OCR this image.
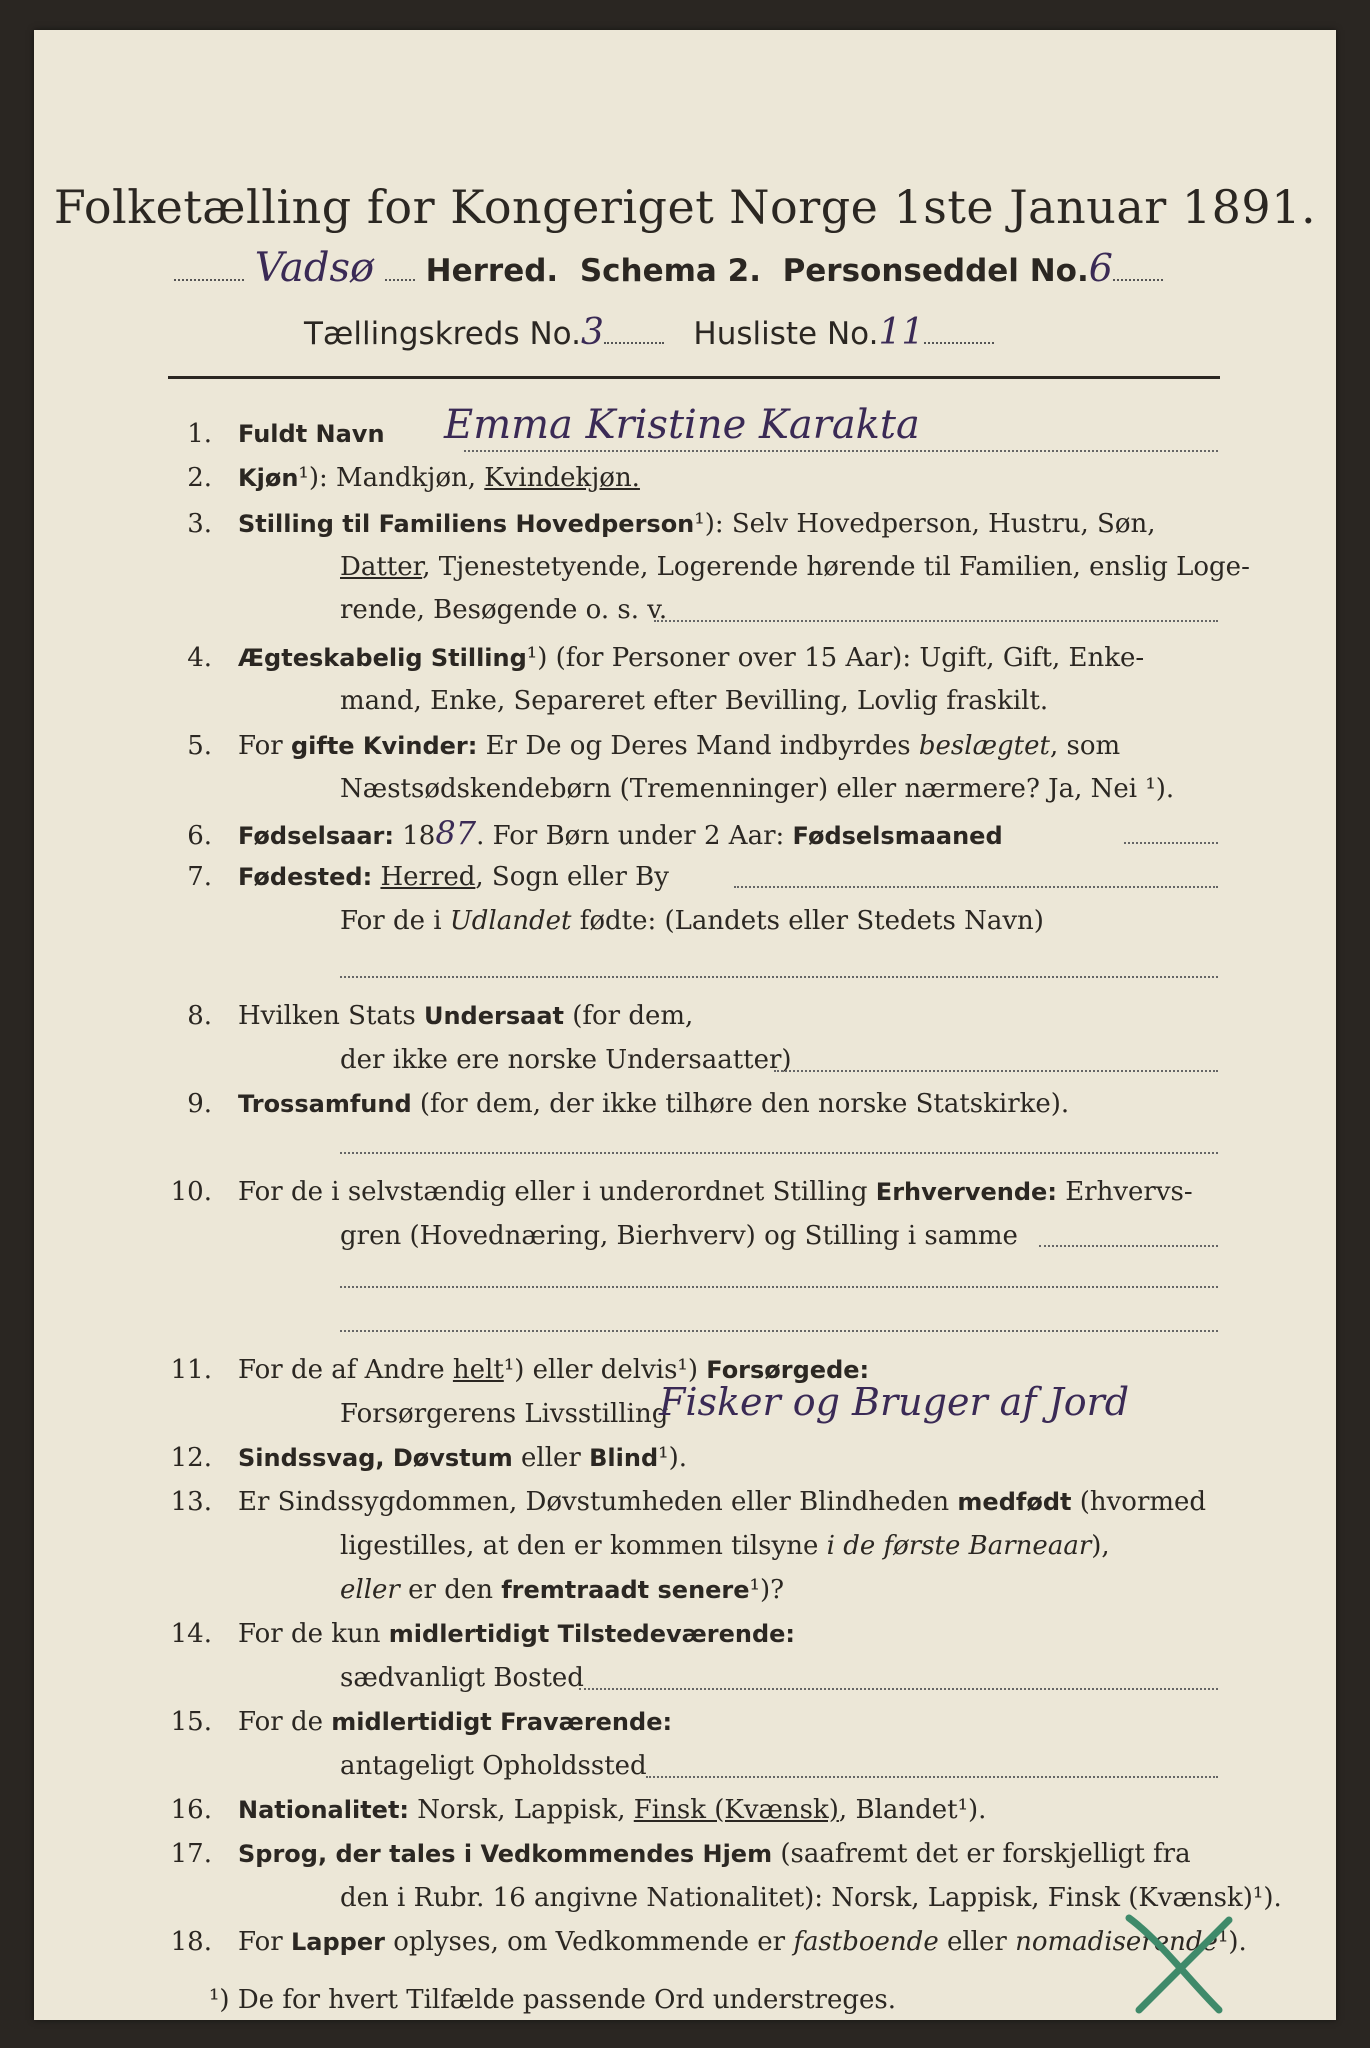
Folketælling for Kongeriget Norge 1ste Januar 1891.
Vadsø Herred. Schema 2. Personseddel No.6
Tællingskreds No.3	Husliste No.11
1. Fuldt Navn	Emma Kristine Karakta
2. Kjøn¹): Mandkjøn, Kvindekjøn.
3. Stilling til Familiens Hovedperson¹): Selv Hovedperson, Hustru, Søn,
Datter, Tjenestetyende, Logerende hørende til Familien, enslig Loge-
rende, Besøgende o. s. v.
4. Ægteskabelig Stilling¹) (for Personer over 15 Aar): Ugift, Gift, Enke-
mand, Enke, Separeret efter Bevilling, Lovlig fraskilt.
5. For gifte Kvinder: Er De og Deres Mand indbyrdes beslægtet, som
Næstsødskendebørn (Tremenninger) eller nærmere? Ja, Nei ¹).
6. Fødselsaar: 1887. For Børn under 2 Aar: Fødselsmaaned
7. Fødested: Herred, Sogn eller By
For de i Udlandet fødte: (Landets eller Stedets Navn)
8. Hvilken Stats Undersaat (for dem,
der ikke ere norske Undersaatter)
9. Trossamfund (for dem, der ikke tilhøre den norske Statskirke).
10. For de i selvstændig eller i underordnet Stilling Erhvervende: Erhvervs-
gren (Hovednæring, Bierhverv) og Stilling i samme
11. For de af Andre helt¹) eller delvis¹) Forsørgede:
Forsørgerens Livsstilling
Fisker og Bruger af Jord
12. Sindssvag, Døvstum eller Blind¹).
13. Er Sindssygdommen, Døvstumheden eller Blindheden medfødt (hvormed
ligestilles, at den er kommen tilsyne i de første Barneaar),
eller er den fremtraadt senere¹)?
14. For de kun midlertidigt Tilstedeværende:
sædvanligt Bosted
15. For de midlertidigt Fraværende:
antageligt Opholdssted
16. Nationalitet: Norsk, Lappisk, Finsk (Kvænsk), Blandet¹).
17. Sprog, der tales i Vedkommendes Hjem (saafremt det er forskjelligt fra
den i Rubr. 16 angivne Nationalitet): Norsk, Lappisk, Finsk (Kvænsk)¹).
18. For Lapper oplyses, om Vedkommende er fastboende eller nomadiserende¹).
¹) De for hvert Tilfælde passende Ord understreges.
